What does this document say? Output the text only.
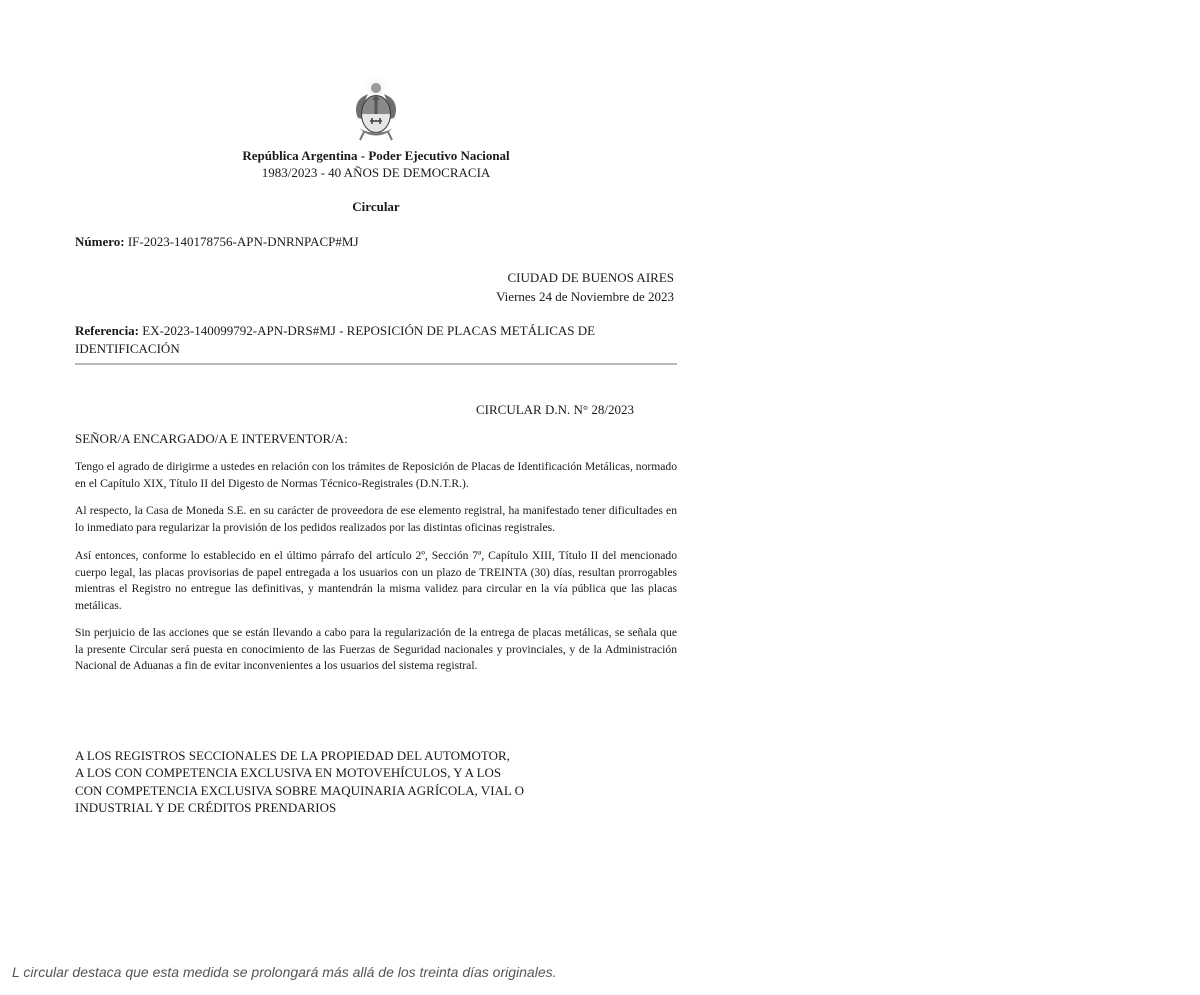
República Argentina - Poder Ejecutivo Nacional
1983/2023 - 40 AÑOS DE DEMOCRACIA
Circular
Número: IF-2023-140178756-APN-DNRNPACP#MJ
CIUDAD DE BUENOS AIRES
Viernes 24 de Noviembre de 2023
Referencia: EX-2023-140099792-APN-DRS#MJ - REPOSICIÓN DE PLACAS METÁLICAS DE IDENTIFICACIÓN
CIRCULAR D.N. N° 28/2023
SEÑOR/A ENCARGADO/A E INTERVENTOR/A:
Tengo el agrado de dirigirme a ustedes en relación con los trámites de Reposición de Placas de Identificación Metálicas, normado en el Capítulo XIX, Título II del Digesto de Normas Técnico-Registrales (D.N.T.R.).
Al respecto, la Casa de Moneda S.E. en su carácter de proveedora de ese elemento registral, ha manifestado tener dificultades en lo inmediato para regularizar la provisión de los pedidos realizados por las distintas oficinas registrales.
Así entonces, conforme lo establecido en el último párrafo del artículo 2º, Sección 7ª, Capítulo XIII, Título II del mencionado cuerpo legal, las placas provisorias de papel entregada a los usuarios con un plazo de TREINTA (30) días, resultan prorrogables mientras el Registro no entregue las definitivas, y mantendrán la misma validez para circular en la vía pública que las placas metálicas.
Sin perjuicio de las acciones que se están llevando a cabo para la regularización de la entrega de placas metálicas, se señala que la presente Circular será puesta en conocimiento de las Fuerzas de Seguridad nacionales y provinciales, y de la Administración Nacional de Aduanas a fin de evitar inconvenientes a los usuarios del sistema registral.
A LOS REGISTROS SECCIONALES DE LA PROPIEDAD DEL AUTOMOTOR,
A LOS CON COMPETENCIA EXCLUSIVA EN MOTOVEHÍCULOS, Y A LOS
CON COMPETENCIA EXCLUSIVA SOBRE MAQUINARIA AGRÍCOLA, VIAL O
INDUSTRIAL Y DE CRÉDITOS PRENDARIOS
L circular destaca que esta medida se prolongará más allá de los treinta días originales.
